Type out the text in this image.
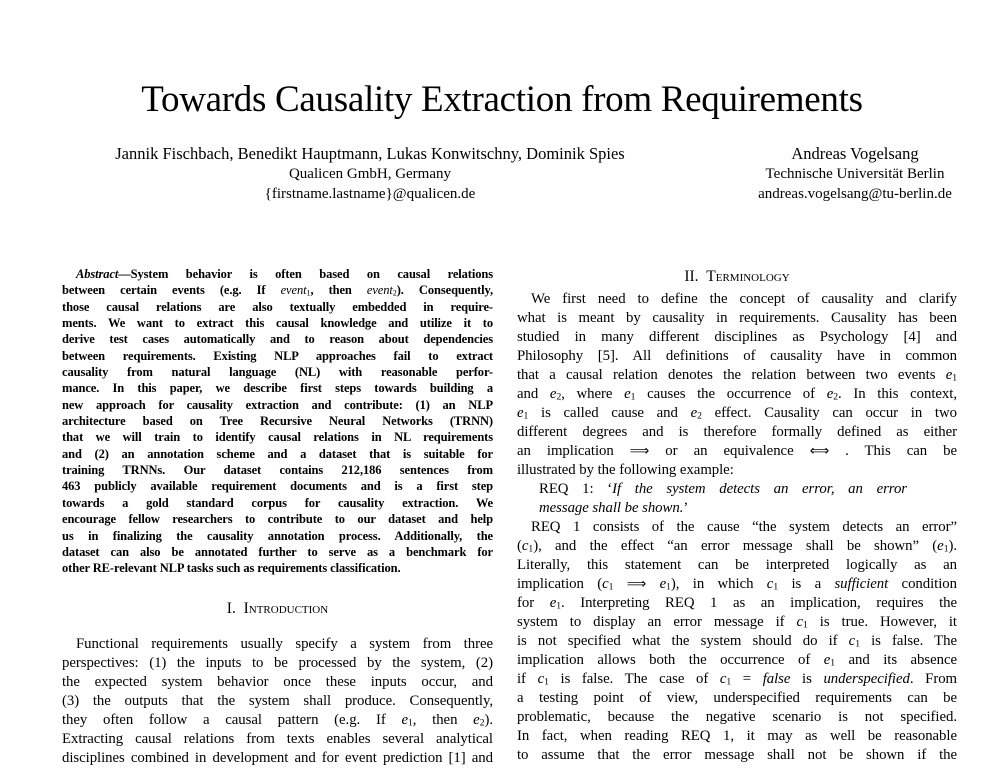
Towards Causality Extraction from Requirements
Jannik Fischbach, Benedikt Hauptmann, Lukas Konwitschny, Dominik Spies
Qualicen GmbH, Germany
{firstname.lastname}@qualicen.de
Andreas Vogelsang
Technische Universität Berlin
andreas.vogelsang@tu-berlin.de
Abstract—System behavior is often based on causal relations
between certain events (e.g. If event$_1$, then event$_2$). Consequently,
those causal relations are also textually embedded in require-
ments. We want to extract this causal knowledge and utilize it to
derive test cases automatically and to reason about dependencies
between requirements. Existing NLP approaches fail to extract
causality from natural language (NL) with reasonable perfor-
mance. In this paper, we describe first steps towards building a
new approach for causality extraction and contribute: (1) an NLP
architecture based on Tree Recursive Neural Networks (TRNN)
that we will train to identify causal relations in NL requirements
and (2) an annotation scheme and a dataset that is suitable for
training TRNNs. Our dataset contains 212,186 sentences from
463 publicly available requirement documents and is a first step
towards a gold standard corpus for causality extraction. We
encourage fellow researchers to contribute to our dataset and help
us in finalizing the causality annotation process. Additionally, the
dataset can also be annotated further to serve as a benchmark for
other RE-relevant NLP tasks such as requirements classification.
I.  Introduction
Functional requirements usually specify a system from three
perspectives: (1) the inputs to be processed by the system, (2)
the expected system behavior once these inputs occur, and
(3) the outputs that the system shall produce. Consequently,
they often follow a causal pattern (e.g. If $e_1$, then $e_2$).
Extracting causal relations from texts enables several analytical
disciplines combined in development and for event prediction [1] and
II.  Terminology
We first need to define the concept of causality and clarify
what is meant by causality in requirements. Causality has been
studied in many different disciplines as Psychology [4] and
Philosophy [5]. All definitions of causality have in common
that a causal relation denotes the relation between two events $e_1$
and $e_2$, where $e_1$ causes the occurrence of $e_2$. In this context,
$e_1$ is called cause and $e_2$ effect. Causality can occur in two
different degrees and is therefore formally defined as either
an implication ⟹ or an equivalence ⟺ . This can be
illustrated by the following example:
REQ 1: ‘If the system detects an error, an error
message shall be shown.’
REQ 1 consists of the cause “the system detects an error”
$(c_1)$, and the effect “an error message shall be shown” $(e_1)$.
Literally, this statement can be interpreted logically as an
implication ($c_1$ ⟹ $e_1$), in which $c_1$ is a sufficient condition
for $e_1$. Interpreting REQ 1 as an implication, requires the
system to display an error message if $c_1$ is true. However, it
is not specified what the system should do if $c_1$ is false. The
implication allows both the occurrence of $e_1$ and its absence
if $c_1$ is false. The case of $c_1$ = false is underspecified. From
a testing point of view, underspecified requirements can be
problematic, because the negative scenario is not specified.
In fact, when reading REQ 1, it may as well be reasonable
to assume that the error message shall not be shown if the
